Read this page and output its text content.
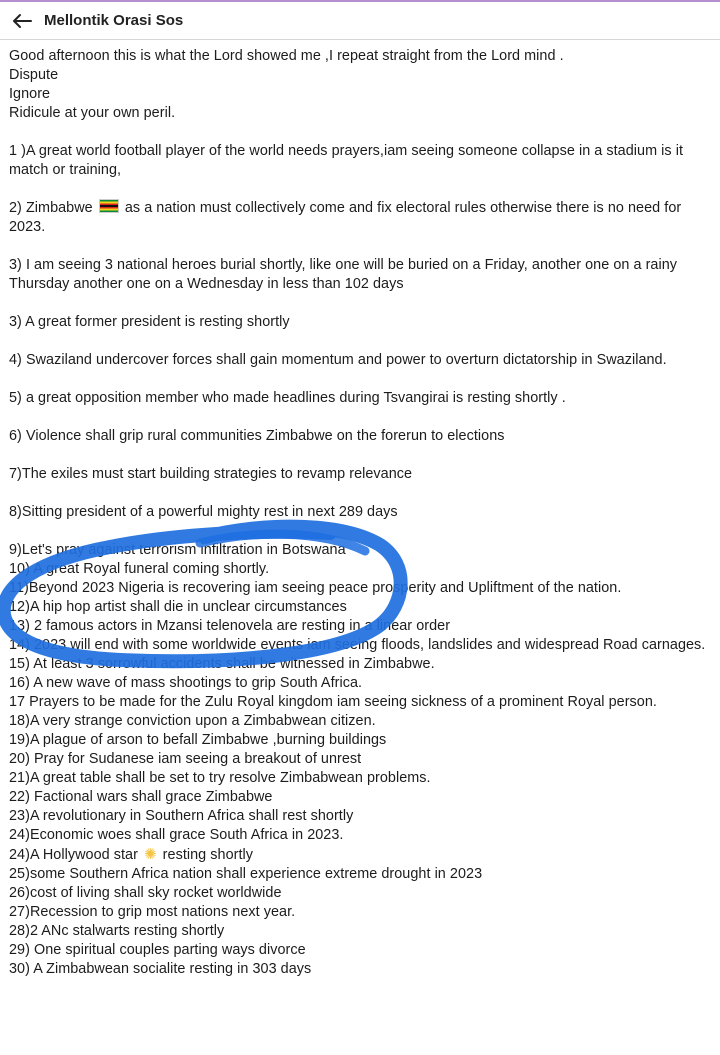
Mellontik Orasi Sos

Good afternoon this is what the Lord showed me ,I repeat straight from the Lord mind .

Dispute

Ignore

Ridicule at your own peril.

1 )A great world football player of the world needs prayers,iam seeing someone collapse in a stadium is it match or training,

2) Zimbabwe  as a nation must collectively come and fix electoral rules otherwise there is no need for 2023.

3) I am seeing 3 national heroes burial shortly, like one will be buried on a Friday, another one on a rainy Thursday another one on a Wednesday in less than 102 days

3) A great former president is resting shortly

4) Swaziland undercover forces shall gain momentum and power to overturn dictatorship in Swaziland.

5) a great opposition member who made headlines during Tsvangirai is resting shortly .

6) Violence shall grip rural communities Zimbabwe on the forerun to elections

7)The exiles must start building strategies to revamp relevance

8)Sitting president of a powerful mighty rest in next 289 days

9)Let's pray against terrorism infiltration in Botswana

10) A great Royal funeral coming shortly.

11)Beyond 2023 Nigeria is recovering iam seeing peace prosperity and Upliftment of the nation.

12)A hip hop artist shall die in unclear circumstances

13) 2 famous actors in Mzansi telenovela are resting in a linear order

14) 2023 will end with some worldwide events iam seeing floods, landslides and widespread Road carnages.

15) At least 3 sorrowful accidents shall be witnessed in Zimbabwe.

16) A new wave of mass shootings to grip South Africa.

17 Prayers to be made for the Zulu Royal kingdom iam seeing sickness of a prominent Royal person.

18)A very strange conviction upon a Zimbabwean citizen.

19)A plague of arson to befall Zimbabwe ,burning buildings

20) Pray for Sudanese iam seeing a breakout of unrest

21)A great table shall be set to try resolve Zimbabwean problems.

22) Factional wars shall grace Zimbabwe

23)A revolutionary in Southern Africa shall rest shortly

24)Economic woes shall grace South Africa in 2023.

24)A Hollywood star ✺ resting shortly

25)some Southern Africa nation shall experience extreme drought in 2023

26)cost of living shall sky rocket worldwide

27)Recession to grip most nations next year.

28)2 ANc stalwarts resting shortly

29) One spiritual couples parting ways divorce

30) A Zimbabwean socialite resting in 303 days
